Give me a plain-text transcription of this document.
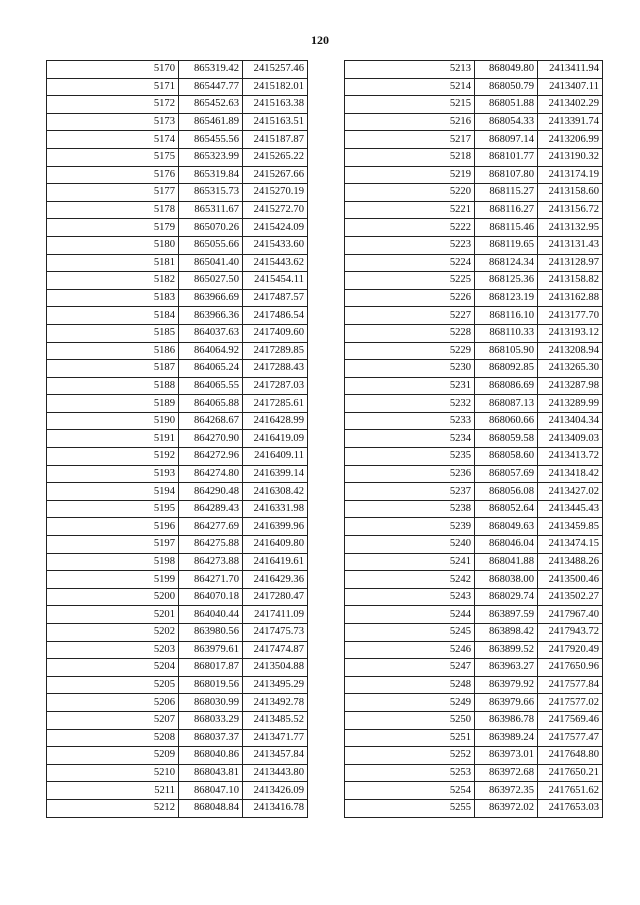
120
5170	865319.42	2415257.46
5171	865447.77	2415182.01
5172	865452.63	2415163.38
5173	865461.89	2415163.51
5174	865455.56	2415187.87
5175	865323.99	2415265.22
5176	865319.84	2415267.66
5177	865315.73	2415270.19
5178	865311.67	2415272.70
5179	865070.26	2415424.09
5180	865055.66	2415433.60
5181	865041.40	2415443.62
5182	865027.50	2415454.11
5183	863966.69	2417487.57
5184	863966.36	2417486.54
5185	864037.63	2417409.60
5186	864064.92	2417289.85
5187	864065.24	2417288.43
5188	864065.55	2417287.03
5189	864065.88	2417285.61
5190	864268.67	2416428.99
5191	864270.90	2416419.09
5192	864272.96	2416409.11
5193	864274.80	2416399.14
5194	864290.48	2416308.42
5195	864289.43	2416331.98
5196	864277.69	2416399.96
5197	864275.88	2416409.80
5198	864273.88	2416419.61
5199	864271.70	2416429.36
5200	864070.18	2417280.47
5201	864040.44	2417411.09
5202	863980.56	2417475.73
5203	863979.61	2417474.87
5204	868017.87	2413504.88
5205	868019.56	2413495.29
5206	868030.99	2413492.78
5207	868033.29	2413485.52
5208	868037.37	2413471.77
5209	868040.86	2413457.84
5210	868043.81	2413443.80
5211	868047.10	2413426.09
5212	868048.84	2413416.78
5213	868049.80	2413411.94
5214	868050.79	2413407.11
5215	868051.88	2413402.29
5216	868054.33	2413391.74
5217	868097.14	2413206.99
5218	868101.77	2413190.32
5219	868107.80	2413174.19
5220	868115.27	2413158.60
5221	868116.27	2413156.72
5222	868115.46	2413132.95
5223	868119.65	2413131.43
5224	868124.34	2413128.97
5225	868125.36	2413158.82
5226	868123.19	2413162.88
5227	868116.10	2413177.70
5228	868110.33	2413193.12
5229	868105.90	2413208.94
5230	868092.85	2413265.30
5231	868086.69	2413287.98
5232	868087.13	2413289.99
5233	868060.66	2413404.34
5234	868059.58	2413409.03
5235	868058.60	2413413.72
5236	868057.69	2413418.42
5237	868056.08	2413427.02
5238	868052.64	2413445.43
5239	868049.63	2413459.85
5240	868046.04	2413474.15
5241	868041.88	2413488.26
5242	868038.00	2413500.46
5243	868029.74	2413502.27
5244	863897.59	2417967.40
5245	863898.42	2417943.72
5246	863899.52	2417920.49
5247	863963.27	2417650.96
5248	863979.92	2417577.84
5249	863979.66	2417577.02
5250	863986.78	2417569.46
5251	863989.24	2417577.47
5252	863973.01	2417648.80
5253	863972.68	2417650.21
5254	863972.35	2417651.62
5255	863972.02	2417653.03
